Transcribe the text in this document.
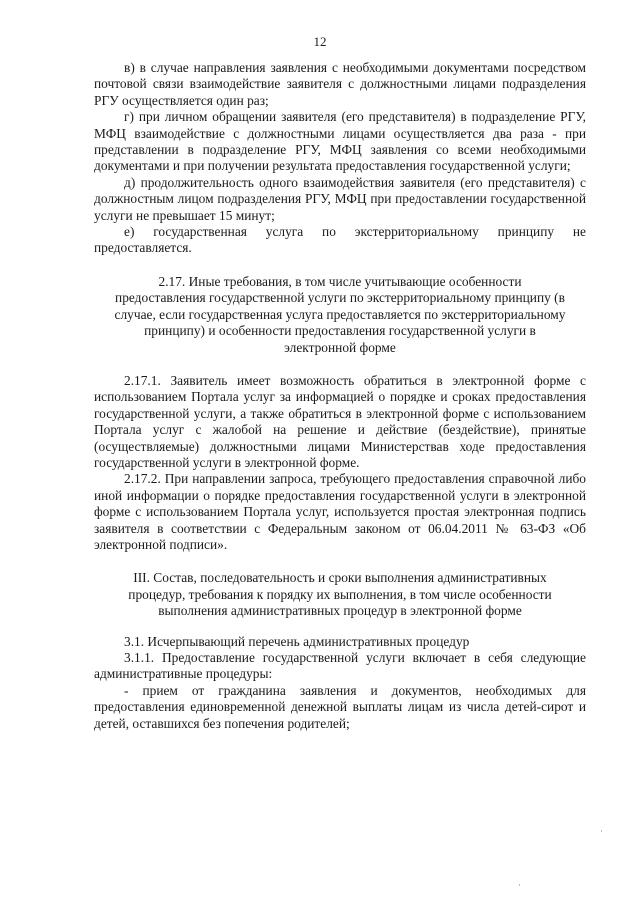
12

в) в случае направления заявления с необходимыми документами посредством почтовой связи взаимодействие заявителя с должностными лицами подразделения РГУ осуществляется один раз;

г) при личном обращении заявителя (его представителя) в подразделение РГУ, МФЦ взаимодействие с должностными лицами осуществляется два раза - при представлении в подразделение РГУ, МФЦ заявления со всеми необходимыми документами и при получении результата предоставления государственной услуги;

д) продолжительность одного взаимодействия заявителя (его представителя) с должностным лицом подразделения РГУ, МФЦ при предоставлении государственной услуги не превышает 15 минут;

е) государственная услуга по экстерриториальному принципу не предоставляется.

2.17. Иные требования, в том числе учитывающие особенности предоставления государственной услуги по экстерриториальному принципу (в случае, если государственная услуга предоставляется по экстерриториальному принципу) и особенности предоставления государственной услуги в электронной форме

2.17.1. Заявитель имеет возможность обратиться в электронной форме с использованием Портала услуг за информацией о порядке и сроках предоставления государственной услуги, а также обратиться в электронной форме с использованием Портала услуг с жалобой на решение и действие (бездействие), принятые (осуществляемые) должностными лицами Министерствав ходе предоставления государственной услуги в электронной форме.

2.17.2. При направлении запроса, требующего предоставления справочной либо иной информации о порядке предоставления государственной услуги в электронной форме с использованием Портала услуг, используется простая электронная подпись заявителя в соответствии с Федеральным законом от 06.04.2011 № 63-ФЗ «Об электронной подписи».

III. Состав, последовательность и сроки выполнения административных процедур, требования к порядку их выполнения, в том числе особенности выполнения административных процедур в электронной форме

3.1. Исчерпывающий перечень административных процедур

3.1.1. Предоставление государственной услуги включает в себя следующие административные процедуры:

- прием от гражданина заявления и документов, необходимых для предоставления единовременной денежной выплаты лицам из числа детей-сирот и детей, оставшихся без попечения родителей;

·
·
